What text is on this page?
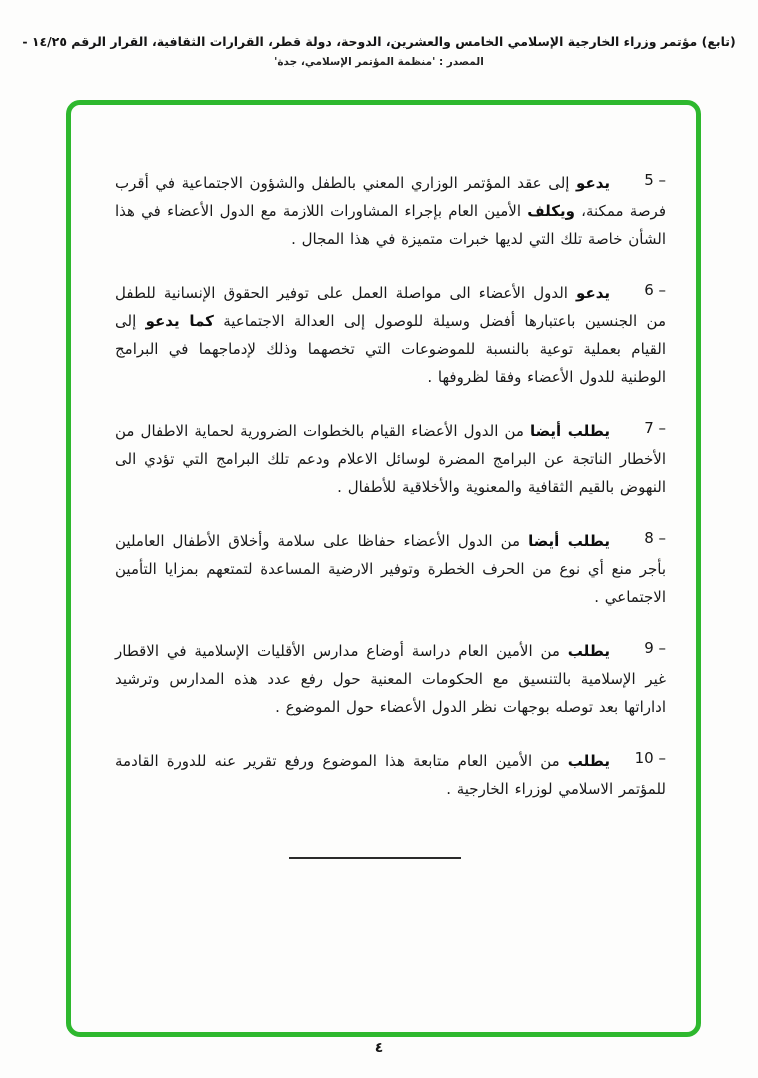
(تابع) مؤتمر وزراء الخارجية الإسلامي الخامس والعشرين، الدوحة، دولة قطر، القرارات الثقافية، القرار الرقم ١٤/٢٥ -
المصدر : 'منظمة المؤتمر الإسلامي، جدة'
5 –
يدعو إلى عقد المؤتمر الوزاري المعني بالطفل والشؤون الاجتماعية في أقرب فرصة ممكنة، ويكلف الأمين العام بإجراء المشاورات اللازمة مع الدول الأعضاء في هذا الشأن خاصة تلك التي لديها خبرات متميزة في هذا المجال .
6 –
يدعو الدول الأعضاء الى مواصلة العمل على توفير الحقوق الإنسانية للطفل من الجنسين باعتبارها أفضل وسيلة للوصول إلى العدالة الاجتماعية كما يدعو إلى القيام بعملية توعية بالنسبة للموضوعات التي تخصهما وذلك لإدماجهما في البرامج الوطنية للدول الأعضاء وفقا لظروفها .
7 –
يطلب أيضا من الدول الأعضاء القيام بالخطوات الضرورية لحماية الاطفال من الأخطار الناتجة عن البرامج المضرة لوسائل الاعلام ودعم تلك البرامج التي تؤدي الى النهوض بالقيم الثقافية والمعنوية والأخلاقية للأطفال .
8 –
يطلب أيضا من الدول الأعضاء حفاظا على سلامة وأخلاق الأطفال العاملين بأجر منع أي نوع من الحرف الخطرة وتوفير الارضية المساعدة لتمتعهم بمزايا التأمين الاجتماعي .
9 –
يطلب من الأمين العام دراسة أوضاع مدارس الأقليات الإسلامية في الاقطار غير الإسلامية بالتنسيق مع الحكومات المعنية حول رفع عدد هذه المدارس وترشيد اداراتها بعد توصله بوجهات نظر الدول الأعضاء حول الموضوع .
10 –
يطلب من الأمين العام متابعة هذا الموضوع ورفع تقرير عنه للدورة القادمة للمؤتمر الاسلامي لوزراء الخارجية .
٤
